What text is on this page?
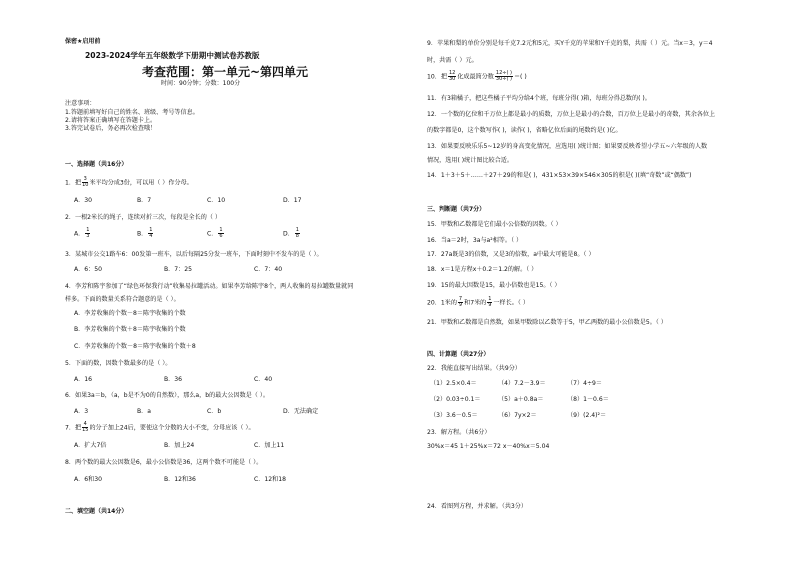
保密★启用前
2023-2024学年五年级数学下册期中测试卷苏教版
考查范围：第一单元~第四单元
时间：90分钟；分数：100分
注意事项：
1.答题前填写好自己的姓名、班级、考号等信息。
2.请将答案正确填写在答题卡上。
3.答完试卷后，务必再次检查哦！
一、选择题（共16分）
1．把 $\frac{3}{10}$ 米平均分成3份，可以用（ ）作分母。
A．30	B．7	C．10	D．17
2．一根2米长的绳子，连续对折三次，每段是全长的（ ）
A． $\frac{1}{3}$	B． $\frac{1}{4}$	C． $\frac{1}{6}$	D． $\frac{1}{8}$
3．某城市公交1路车6：00发第一班车，以后每隔25分发一班车，下面时刻中不发车的是（ ）。
A．6：50	B．7：25	C．7：40
4．李芳和陈宇参加了“绿色环保我行动”收集易拉罐活动。如果李芳给陈宇8个，两人收集的易拉罐数量就同
样多。下面的数量关系符合题意的是（ ）。
A．李芳收集的个数－8＝陈宇收集的个数
B．李芳收集的个数＋8＝陈宇收集的个数
C．李芳收集的个数－8＝陈宇收集的个数＋8
5．下面的数，因数个数最多的是（ ）。
A．16	B．36	C．40
6．如果3a＝b，（a，b是不为0的自然数），那么a，b的最大公因数是（ ）。
A．3	B．a	C．b	D．无法确定
7．把 $\frac{4}{15}$ 的分子加上24后，要使这个分数的大小不变，分母应该（ ）。
A．扩大7倍	B．加上24	C．加上11
8．两个数的最大公因数是6，最小公倍数是36，这两个数不可能是（ ）。
A．6和30	B．12和36	C．12和18
二、填空题（共14分）
9．苹果和梨的单价分别是每千克7.2元和5元，买Y千克的苹果和Y千克的梨，共需（ ）元。当x＝3，y＝4
时，共需（ ）元。
10．把 $\frac{12}{30}$ 化成最简分数 $\frac{12\div( )}{30\div( )}$ ＝( )
11．有3箱橘子，把这些橘子平均分给4个班，每班分得( )箱，每班分得总数的( )。
12．一个数的亿位和千万位上都是最小的质数，万位上是最小的合数，百万位上是最小的奇数，其余各位上
的数字都是0，这个数写作( )，读作( )，省略亿位后面的尾数约是( )亿。
13．如果要反映乐乐5~12岁的身高变化情况，应选用( )统计图；如果要反映希望小学五~六年级的人数
情况，选用( )统计图比较合适。
14．1＋3＋5＋……＋27＋29的和是( )，431×53×39×546×305的积是( )(填“奇数”或“偶数”)
三、判断题（共7分）
15．甲数和乙数都是它们最小公倍数的因数。（ ）
16．当a＝2时，3a与a²相等。（ ）
17．27a既是3的倍数，又是3的倍数，a中最大可能是8。（ ）
18．x＝1是方程x＋0.2＝1.2的解。（ ）
19．15的最大因数是15，最小倍数也是15。（ ）
20．1米的 $\frac{7}{9}$ 和7米的 $\frac{1}{9}$ 一样长。（ ）
21．甲数和乙数都是自然数，如果甲数除以乙数等于5，甲乙两数的最小公倍数是5。（ ）
四、计算题（共27分）
22．我能直接写出结果。（共9分）
（1）2.5×0.4＝	（4）7.2－3.9＝	（7）4÷9＝
（2）0.03÷0.1＝	（5）a＋0.8a＝	（8）1－0.6＝
（3）3.6－0.5＝	（6）7y×2＝	（9）(2.4)²＝
23．解方程。（共6分）
30%x＝45 1＋25%x＝72 x－40%x＝5.04
24．看图列方程，并求解。（共3分）
